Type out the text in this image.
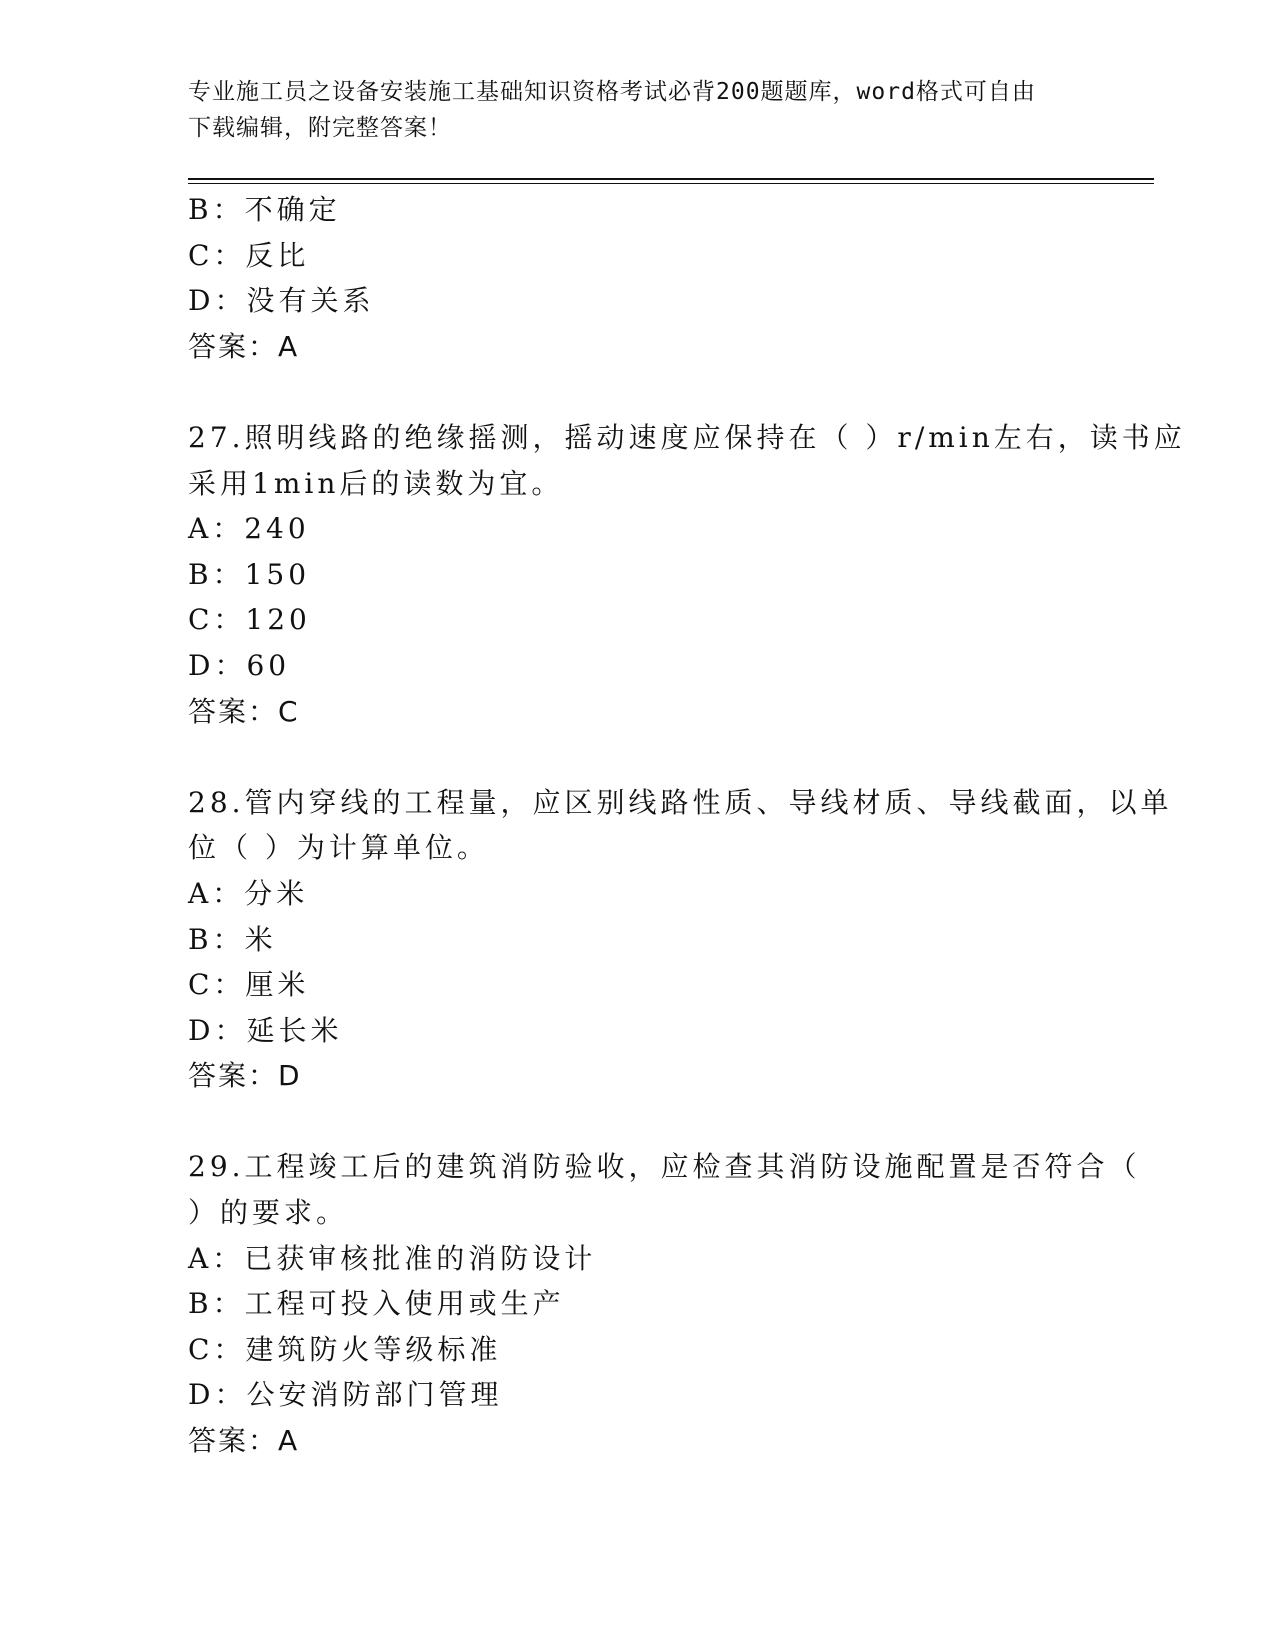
专业施工员之设备安装施工基础知识资格考试必背200题题库，word格式可自由
下载编辑，附完整答案！
B：不确定
C：反比
D：没有关系
答案：A
27.照明线路的绝缘摇测，摇动速度应保持在（ ）r/min左右，读书应
采用1min后的读数为宜。
A：240
B：150
C：120
D：60
答案：C
28.管内穿线的工程量，应区别线路性质、导线材质、导线截面，以单
位（ ）为计算单位。
A：分米
B：米
C：厘米
D：延长米
答案：D
29.工程竣工后的建筑消防验收，应检查其消防设施配置是否符合（
）的要求。
A：已获审核批准的消防设计
B：工程可投入使用或生产
C：建筑防火等级标准
D：公安消防部门管理
答案：A
